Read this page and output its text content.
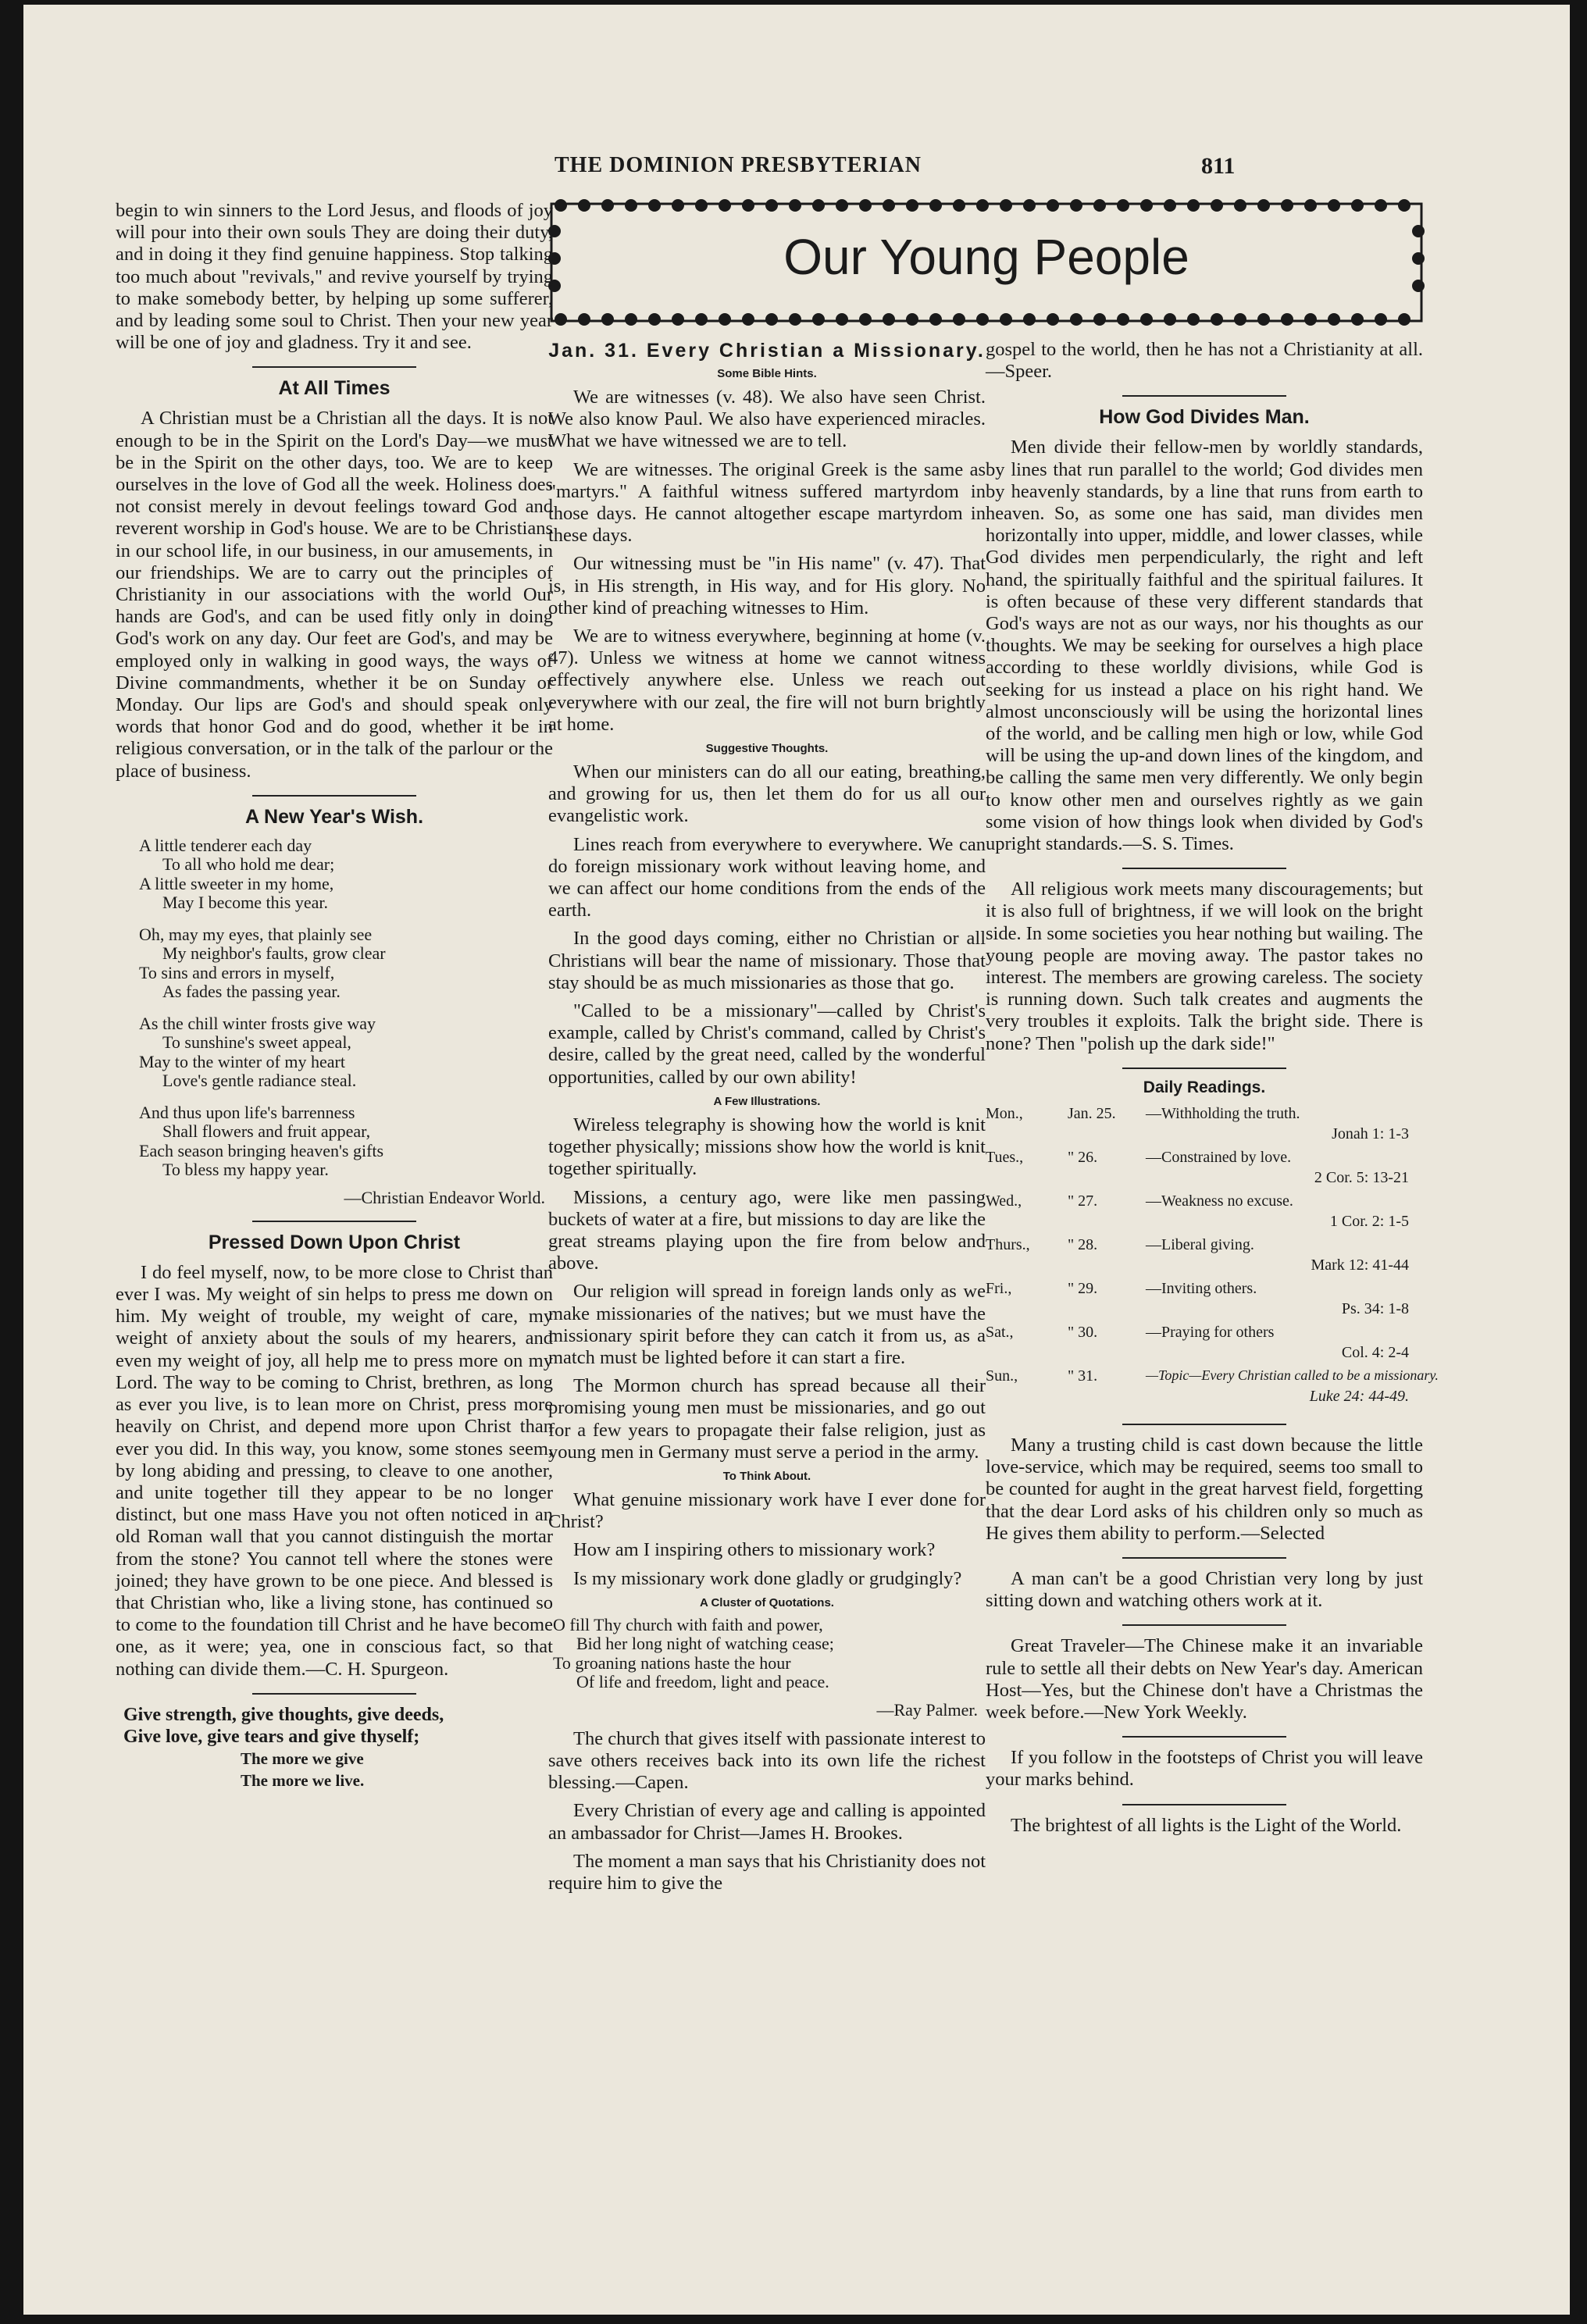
THE DOMINION PRESBYTERIAN	811
Our Young People

begin to win sinners to the Lord Jesus, and floods of joy will pour into their own souls They are doing their duty, and in doing it they find genuine happiness. Stop talking too much about "revivals," and revive yourself by trying to make somebody better, by helping up some sufferer, and by leading some soul to Christ. Then your new year will be one of joy and gladness. Try it and see.

At All Times

A Christian must be a Christian all the days. It is not enough to be in the Spirit on the Lord's Day—we must be in the Spirit on the other days, too. We are to keep ourselves in the love of God all the week. Holiness does not consist merely in devout feelings toward God and reverent worship in God's house. We are to be Christians in our school life, in our business, in our amusements, in our friendships. We are to carry out the principles of Christianity in our associations with the world Our hands are God's, and can be used fitly only in doing God's work on any day. Our feet are God's, and may be employed only in walking in good ways, the ways of Divine commandments, whether it be on Sunday or Monday. Our lips are God's and should speak only words that honor God and do good, whether it be in religious conversation, or in the talk of the parlour or the place of business.

A New Year's Wish.
A little tenderer each day
To all who hold me dear;
A little sweeter in my home,
May I become this year.
Oh, may my eyes, that plainly see
My neighbor's faults, grow clear
To sins and errors in myself,
As fades the passing year.
As the chill winter frosts give way
To sunshine's sweet appeal,
May to the winter of my heart
Love's gentle radiance steal.
And thus upon life's barrenness
Shall flowers and fruit appear,
Each season bringing heaven's gifts
To bless my happy year.
—Christian Endeavor World.
Pressed Down Upon Christ

I do feel myself, now, to be more close to Christ than ever I was. My weight of sin helps to press me down on him. My weight of trouble, my weight of care, my weight of anxiety about the souls of my hearers, and even my weight of joy, all help me to press more on my Lord. The way to be coming to Christ, brethren, as long as ever you live, is to lean more on Christ, press more heavily on Christ, and depend more upon Christ than ever you did. In this way, you know, some stones seem, by long abiding and pressing, to cleave to one another, and unite together till they appear to be no longer distinct, but one mass Have you not often noticed in an old Roman wall that you cannot distinguish the mortar from the stone? You cannot tell where the stones were joined; they have grown to be one piece. And blessed is that Christian who, like a living stone, has continued so to come to the foundation till Christ and he have become one, as it were; yea, one in conscious fact, so that nothing can divide them.—C. H. Spurgeon.

Give strength, give thoughts, give deeds,
Give love, give tears and give thyself;
The more we give
The more we live.
Jan. 31. Every Christian a Missionary.
Some Bible Hints.

We are witnesses (v. 48). We also have seen Christ. We also know Paul. We also have experienced miracles. What we have witnessed we are to tell.

We are witnesses. The original Greek is the same as "martyrs." A faithful witness suffered martyrdom in those days. He cannot altogether escape martyrdom in these days.

Our witnessing must be "in His name" (v. 47). That is, in His strength, in His way, and for His glory. No other kind of preaching witnesses to Him.

We are to witness everywhere, beginning at home (v. 47). Unless we witness at home we cannot witness effectively anywhere else. Unless we reach out everywhere with our zeal, the fire will not burn brightly at home.

Suggestive Thoughts.

When our ministers can do all our eating, breathing, and growing for us, then let them do for us all our evangelistic work.

Lines reach from everywhere to everywhere. We can do foreign missionary work without leaving home, and we can affect our home conditions from the ends of the earth.

In the good days coming, either no Christian or all Christians will bear the name of missionary. Those that stay should be as much missionaries as those that go.

"Called to be a missionary"—called by Christ's example, called by Christ's command, called by Christ's desire, called by the great need, called by the wonderful opportunities, called by our own ability!

A Few Illustrations.

Wireless telegraphy is showing how the world is knit together physically; missions show how the world is knit together spiritually.

Missions, a century ago, were like men passing buckets of water at a fire, but missions to day are like the great streams playing upon the fire from below and above.

Our religion will spread in foreign lands only as we make missionaries of the natives; but we must have the missionary spirit before they can catch it from us, as a match must be lighted before it can start a fire.

The Mormon church has spread because all their promising young men must be missionaries, and go out for a few years to propagate their false religion, just as young men in Germany must serve a period in the army.

To Think About.

What genuine missionary work have I ever done for Christ?

How am I inspiring others to missionary work?

Is my missionary work done gladly or grudgingly?

A Cluster of Quotations.
O fill Thy church with faith and power,
Bid her long night of watching cease;
To groaning nations haste the hour
Of life and freedom, light and peace.
—Ray Palmer.

The church that gives itself with passionate interest to save others receives back into its own life the richest blessing.—Capen.

Every Christian of every age and calling is appointed an ambassador for Christ—James H. Brookes.

The moment a man says that his Christianity does not require him to give the

gospel to the world, then he has not a Christianity at all.—Speer.

How God Divides Man.

Men divide their fellow-men by worldly standards, by lines that run parallel to the world; God divides men by heavenly standards, by a line that runs from earth to heaven. So, as some one has said, man divides men horizontally into upper, middle, and lower classes, while God divides men perpendicularly, the right and left hand, the spiritually faithful and the spiritual failures. It is often because of these very different standards that God's ways are not as our ways, nor his thoughts as our thoughts. We may be seeking for ourselves a high place according to these worldly divisions, while God is seeking for us instead a place on his right hand. We almost unconsciously will be using the horizontal lines of the world, and be calling men high or low, while God will be using the up-and down lines of the kingdom, and be calling the same men very differently. We only begin to know other men and ourselves rightly as we gain some vision of how things look when divided by God's upright standards.—S. S. Times.

All religious work meets many discouragements; but it is also full of brightness, if we will look on the bright side. In some societies you hear nothing but wailing. The young people are moving away. The pastor takes no interest. The members are growing careless. The society is running down. Such talk creates and augments the very troubles it exploits. Talk the bright side. There is none? Then "polish up the dark side!"

Daily Readings.
Mon.,	Jan. 25. —Withholding the truth.
Jonah 1: 1-3
Tues.,	" 26.	—Constrained by love.
2 Cor. 5: 13-21
Wed.,	" 27.	—Weakness no excuse.
1 Cor. 2: 1-5
Thurs., " 28.	—Liberal giving.
Mark 12: 41-44
Fri.,	" 29.	—Inviting others.
Ps. 34: 1-8
Sat.,	" 30.	—Praying for others
Col. 4: 2-4
Sun.,	" 31.	—Topic—Every Christian called to be a missionary.
Luke 24: 44-49.

Many a trusting child is cast down because the little love-service, which may be required, seems too small to be counted for aught in the great harvest field, forgetting that the dear Lord asks of his children only so much as He gives them ability to perform.—Selected

A man can't be a good Christian very long by just sitting down and watching others work at it.

Great Traveler—The Chinese make it an invariable rule to settle all their debts on New Year's day. American Host—Yes, but the Chinese don't have a Christmas the week before.—New York Weekly.

If you follow in the footsteps of Christ you will leave your marks behind.

The brightest of all lights is the Light of the World.
